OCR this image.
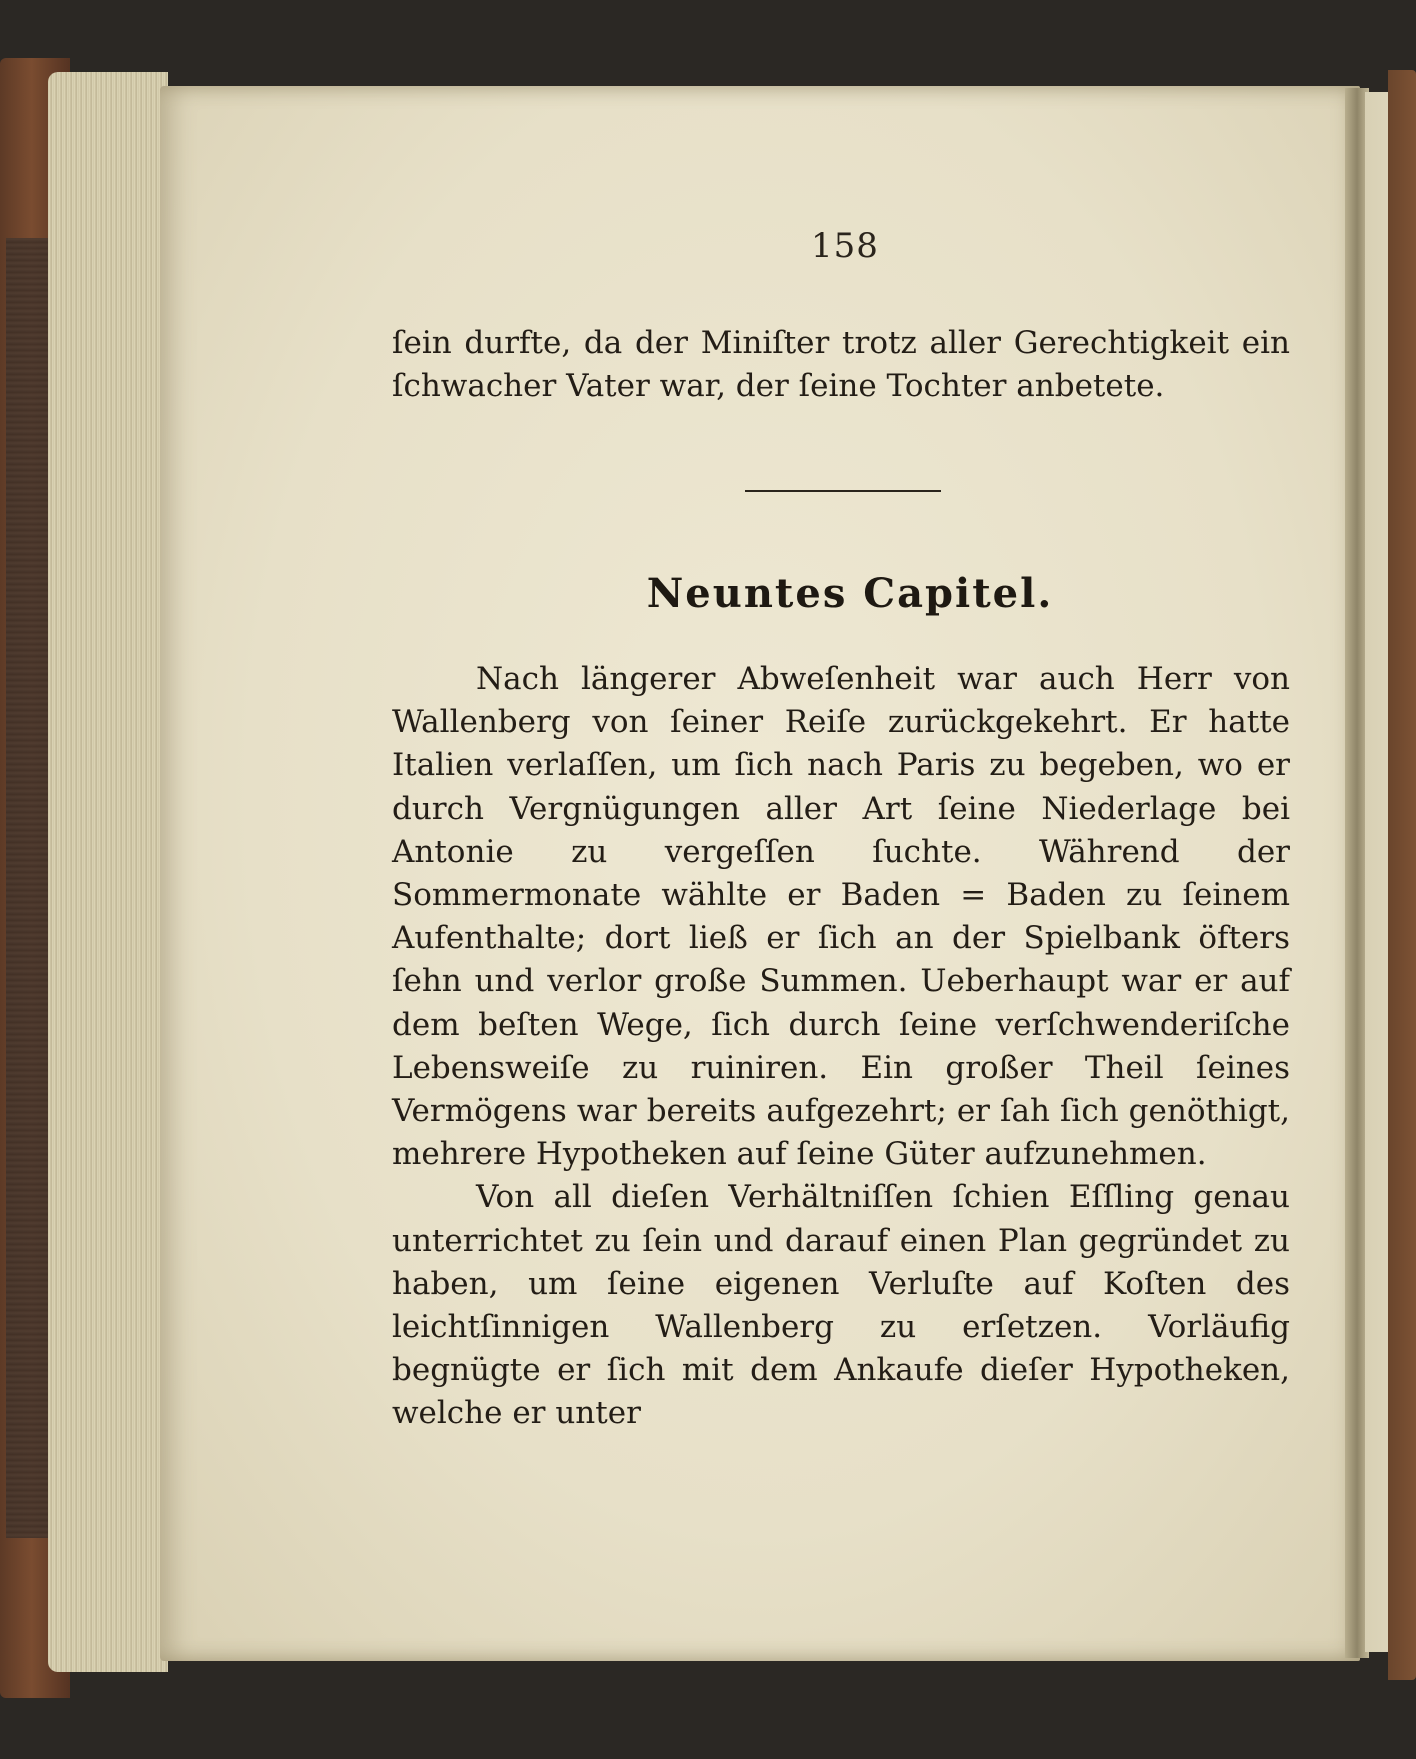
158

ſein durfte, da der Miniſter trotz aller Gerechtigkeit ein ſchwacher Vater war, der ſeine Tochter anbetete.

Neuntes Capitel.

Nach längerer Abweſenheit war auch Herr von Wallenberg von ſeiner Reiſe zurückgekehrt. Er hatte Italien verlaſſen, um ſich nach Paris zu begeben, wo er durch Vergnügungen aller Art ſeine Niederlage bei Antonie zu vergeſſen ſuchte. Während der Sommermonate wählte er Baden = Baden zu ſeinem Aufenthalte; dort ließ er ſich an der Spielbank öfters ſehn und verlor große Summen. Ueberhaupt war er auf dem beſten Wege, ſich durch ſeine verſchwenderiſche Lebensweiſe zu ruiniren. Ein großer Theil ſeines Vermögens war bereits aufgezehrt; er ſah ſich genöthigt, mehrere Hypotheken auf ſeine Güter aufzunehmen.

Von all dieſen Verhältniſſen ſchien Eſſling genau unterrichtet zu ſein und darauf einen Plan gegründet zu haben, um ſeine eigenen Verluſte auf Koſten des leichtſinnigen Wallenberg zu erſetzen. Vorläufig begnügte er ſich mit dem Ankaufe dieſer Hypotheken, welche er unter
